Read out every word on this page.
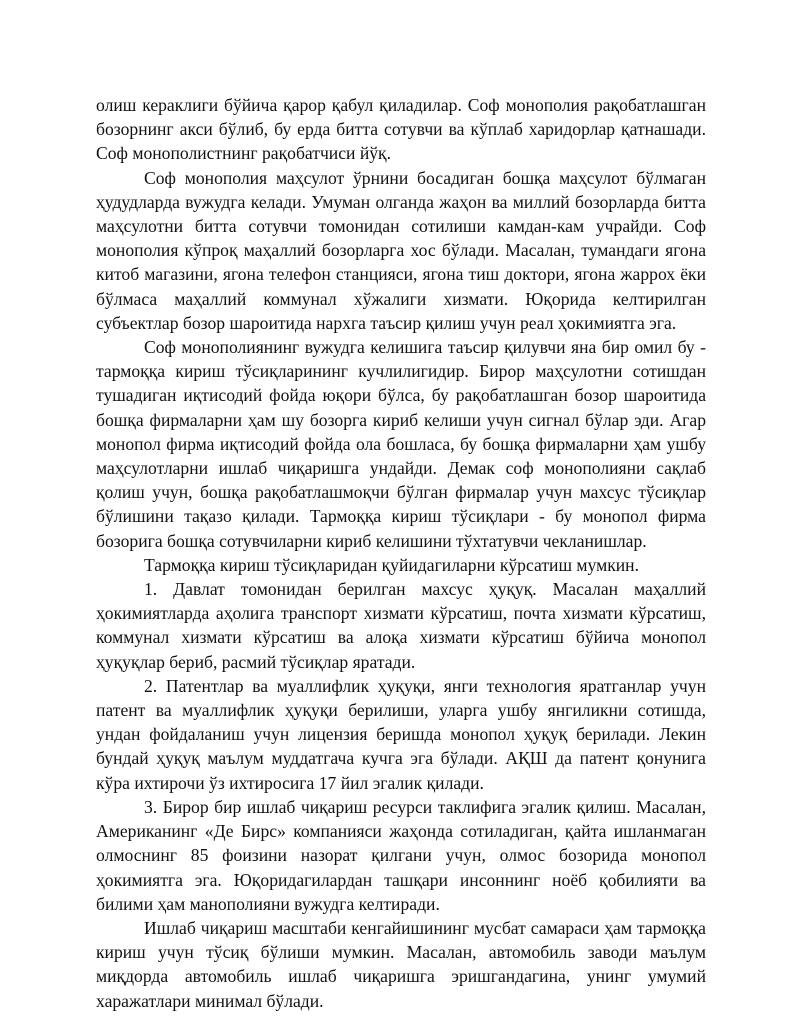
олиш кераклиги бўйича қарор қабул қиладилар. Соф монополия рақобатлашган бозорнинг акси бўлиб, бу ерда битта сотувчи ва кўплаб харидорлар қатнашади. Соф монополистнинг рақобатчиси йўқ.

Соф монополия маҳсулот ўрнини босадиган бошқа маҳсулот бўлмаган ҳудудларда вужудга келади. Умуман олганда жаҳон ва миллий бозорларда битта маҳсулотни битта сотувчи томонидан сотилиши камдан-кам учрайди. Соф монополия кўпроқ маҳаллий бозорларга хос бўлади. Масалан, тумандаги ягона китоб магазини, ягона телефон станцияси, ягона тиш доктори, ягона жаррох ёки бўлмаса маҳаллий коммунал хўжалиги хизмати. Юқорида келтирилган субъектлар бозор шароитида нархга таъсир қилиш учун реал ҳокимиятга эга.

Соф монополиянинг вужудга келишига таъсир қилувчи яна бир омил бу - тармоққа кириш тўсиқларининг кучлилигидир. Бирор маҳсулотни сотишдан тушадиган иқтисодий фойда юқори бўлса, бу рақобатлашган бозор шароитида бошқа фирмаларни ҳам шу бозорга кириб келиши учун сигнал бўлар эди. Агар монопол фирма иқтисодий фойда ола бошласа, бу бошқа фирмаларни ҳам ушбу маҳсулотларни ишлаб чиқаришга ундайди. Демак соф монополияни сақлаб қолиш учун, бошқа рақобатлашмоқчи бўлган фирмалар учун махсус тўсиқлар бўлишини тақазо қилади. Тармоққа кириш тўсиқлари - бу монопол фирма бозорига бошқа сотувчиларни кириб келишини тўхтатувчи чекланишлар.

Тармоққа кириш тўсиқларидан қуйидагиларни кўрсатиш мумкин.

1. Давлат томонидан берилган махсус ҳуқуқ. Масалан маҳаллий ҳокимиятларда аҳолига транспорт хизмати кўрсатиш, почта хизмати кўрсатиш, коммунал хизмати кўрсатиш ва алоқа хизмати кўрсатиш бўйича монопол ҳуқуқлар бериб, расмий тўсиқлар яратади.

2. Патентлар ва муаллифлик ҳуқуқи, янги технология яратганлар учун патент ва муаллифлик ҳуқуқи берилиши, уларга ушбу янгиликни сотишда, ундан фойдаланиш учун лицензия беришда монопол ҳуқуқ берилади. Лекин бундай ҳуқуқ маълум муддатгача кучга эга бўлади. АҚШ да патент қонунига кўра ихтирочи ўз ихтиросига 17 йил эгалик қилади.

3. Бирор бир ишлаб чиқариш ресурси таклифига эгалик қилиш. Масалан, Американинг «Де Бирс» компанияси жаҳонда сотиладиган, қайта ишланмаган олмоснинг 85 фоизини назорат қилгани учун, олмос бозорида монопол ҳокимиятга эга. Юқоридагилардан ташқари инсоннинг ноёб қобилияти ва билими ҳам манополияни вужудга келтиради.

Ишлаб чиқариш масштаби кенгайишининг мусбат самараси ҳам тармоққа кириш учун тўсиқ бўлиши мумкин. Масалан, автомобиль заводи маълум миқдорда автомобиль ишлаб чиқаришга эришгандагина, унинг умумий харажатлари минимал бўлади.
